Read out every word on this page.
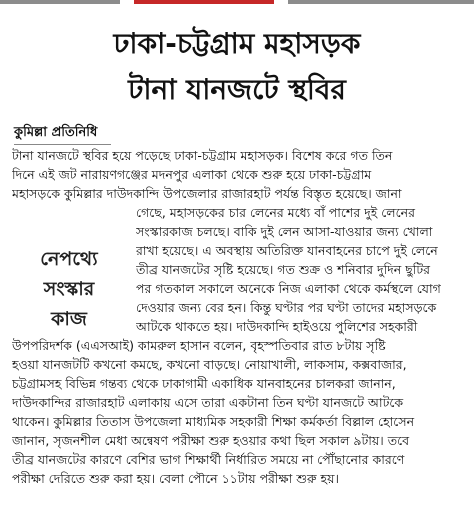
ঢাকা-চট্টগ্রাম মহাসড়ক
টানা যানজটে স্থবির
কুমিল্লা প্রতিনিধি
নেপথ্যে
সংস্কার
কাজ
টানা যানজটে স্থবির হয়ে পড়েছে ঢাকা-চট্টগ্রাম মহাসড়ক। বিশেষ করে গত তিন
দিনে এই জট নারায়ণগঞ্জের মদনপুর এলাকা থেকে শুরু হয়ে ঢাকা-চট্টগ্রাম
মহাসড়কে কুমিল্লার দাউদকান্দি উপজেলার রাজারহাট পর্যন্ত বিস্তৃত হয়েছে। জানা
গেছে, মহাসড়কের চার লেনের মধ্যে বাঁ পাশের দুই লেনের
সংস্কারকাজ চলছে। বাকি দুই লেন আসা-যাওয়ার জন্য খোলা
রাখা হয়েছে। এ অবস্থায় অতিরিক্ত যানবাহনের চাপে দুই লেনে
তীব্র যানজটের সৃষ্টি হয়েছে। গত শুক্র ও শনিবার দুদিন ছুটির
পর গতকাল সকালে অনেকে নিজ এলাকা থেকে কর্মস্থলে যোগ
দেওয়ার জন্য বের হন। কিন্তু ঘণ্টার পর ঘণ্টা তাদের মহাসড়কে
আটকে থাকতে হয়। দাউদকান্দি হাইওয়ে পুলিশের সহকারী
উপপরিদর্শক (এএসআই) কামরুল হাসান বলেন, বৃহস্পতিবার রাত ৮টায় সৃষ্টি
হওয়া যানজটটি কখনো কমছে, কখনো বাড়ছে। নোয়াখালী, লাকসাম, কক্সবাজার,
চট্টগ্রামসহ বিভিন্ন গন্তব্য থেকে ঢাকাগামী একাধিক যানবাহনের চালকরা জানান,
দাউদকান্দির রাজারহাট এলাকায় এসে তারা একটানা তিন ঘণ্টা যানজটে আটকে
থাকেন। কুমিল্লার তিতাস উপজেলা মাধ্যমিক সহকারী শিক্ষা কর্মকর্তা বিল্লাল হোসেন
জানান, সৃজনশীল মেধা অন্বেষণ পরীক্ষা শুরু হওয়ার কথা ছিল সকাল ৯টায়। তবে
তীব্র যানজটের কারণে বেশির ভাগ শিক্ষার্থী নির্ধারিত সময়ে না পৌঁছানোর কারণে
পরীক্ষা দেরিতে শুরু করা হয়। বেলা পৌনে ১১টায় পরীক্ষা শুরু হয়।
